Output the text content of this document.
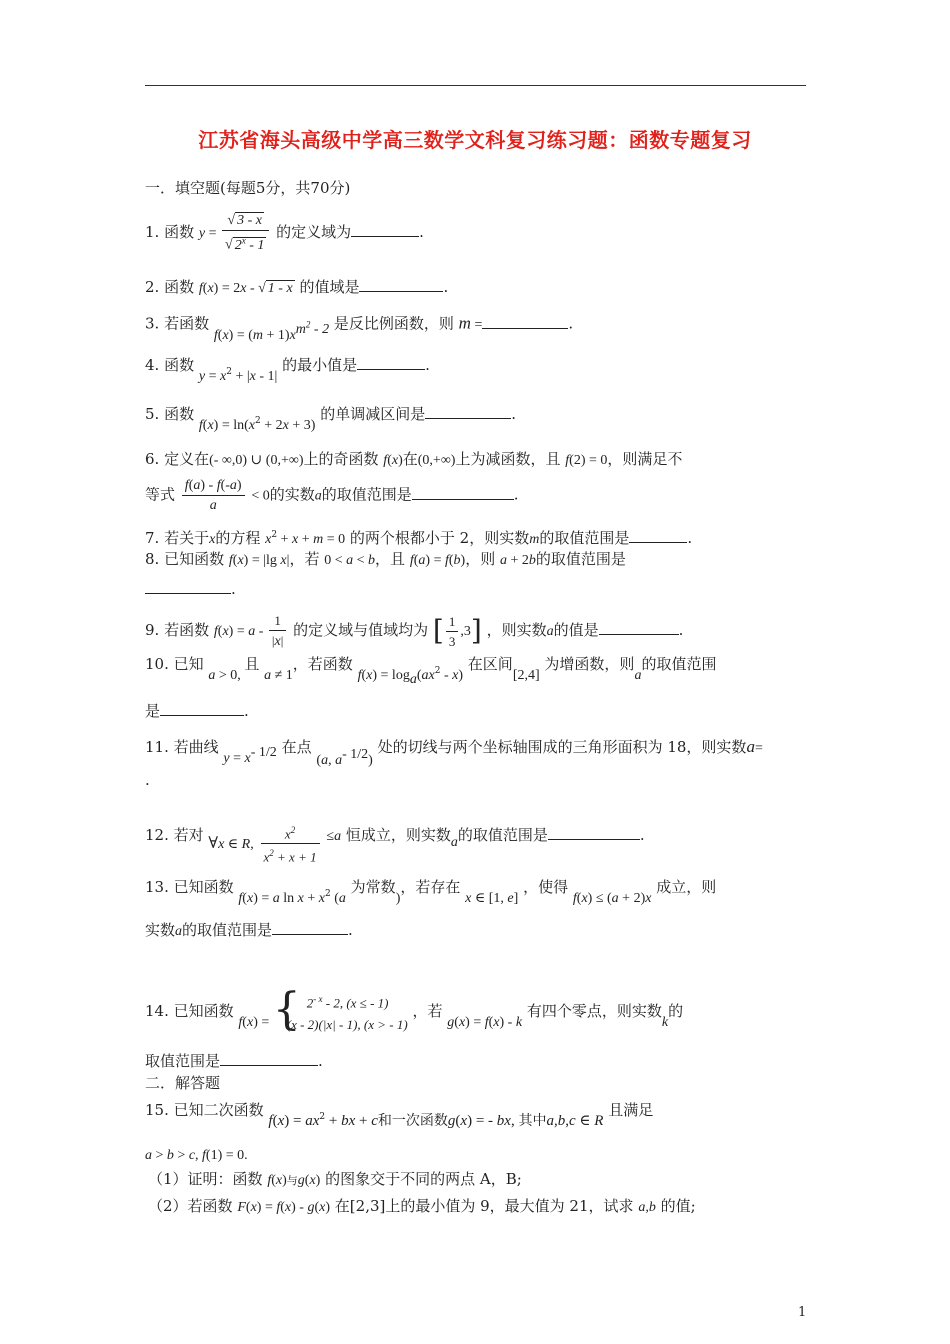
江苏省海头高级中学高三数学文科复习练习题：函数专题复习
一．填空题(每题5分，共70分)
1. 函数 $y = \frac{√ 3 - x}{√ 2^x - 1}$ 的定义域为	.
2. 函数 f(x) = 2x - √ 1 - x 的值域是	.
3. 若函数 $f(x) = (m + 1)x^{m^2 - 2}$ 是反比例函数，则 m =	.
4. 函数 $y = x^2 + |x - 1|$ 的最小值是	.
5. 函数 $f(x) = \ln(x^2 + 2x + 3)$ 的单调减区间是	.
6. 定义在(- ∞,0) ∪ (0,+∞)上的奇函数 f(x)在(0,+∞)上为减函数，且 f(2) = 0，则满足不
等式 $\frac{f(a) - f(-a)}{a} < 0$的实数a的取值范围是	.
7. 若关于x的方程 $x^2 + x + m = 0$ 的两个根都小于 2，则实数m的取值范围是	.
8. 已知函数 f(x) = |lg x|，若 0 < a < b，且 f(a) = f(b)，则 a + 2b的取值范围是
.
9. 若函数 $f(x) = a - \frac{1}{|x|}$ 的定义域与值域均为 [ $\frac{1}{3} ,3$] ，则实数a的值是	.
10. 已知 a > 0, 且 a ≠ 1，若函数 $f(x) = \log_a(ax^2 - x)$ 在区间[2,4] 为增函数，则a的取值范围
是	.
11. 若曲线 $y = x^{- 1/2}$ 在点 (a, $a^{- 1/2}$) 处的切线与两个坐标轴围成的三角形面积为 18，则实数a=
.
12. 若对 ∀x ∈ R, $\frac{x^2}{x^2 + x + 1} \le a$ 恒成立，则实数a的取值范围是	.
13. 已知函数 f(x) = a $\ln x + x^2$ (a 为常数)，若存在 x ∈ [1, e] ，使得 f(x) ≤ (a + 2)x 成立，则
实数a的取值范围是	.
14. 已知函数 f(x) = { $2^{- x} - 2$, (x ≤ - 1)
(x - 2)(|x| - 1), (x > - 1)
，若 g(x) = f(x) - k 有四个零点，则实数k的
取值范围是	.
二．解答题
15. 已知二次函数 $f(x) = ax^2$ + bx + c和一次函数g(x) = - bx, 其中a,b,c ∈ R 且满足
a > b > c, f(1) = 0.
（1）证明：函数 f(x)与g(x) 的图象交于不同的两点 A，B;
（2）若函数 F(x) = f(x) - g(x) 在[2,3]上的最小值为 9，最大值为 21，试求 a,b 的值;
1
